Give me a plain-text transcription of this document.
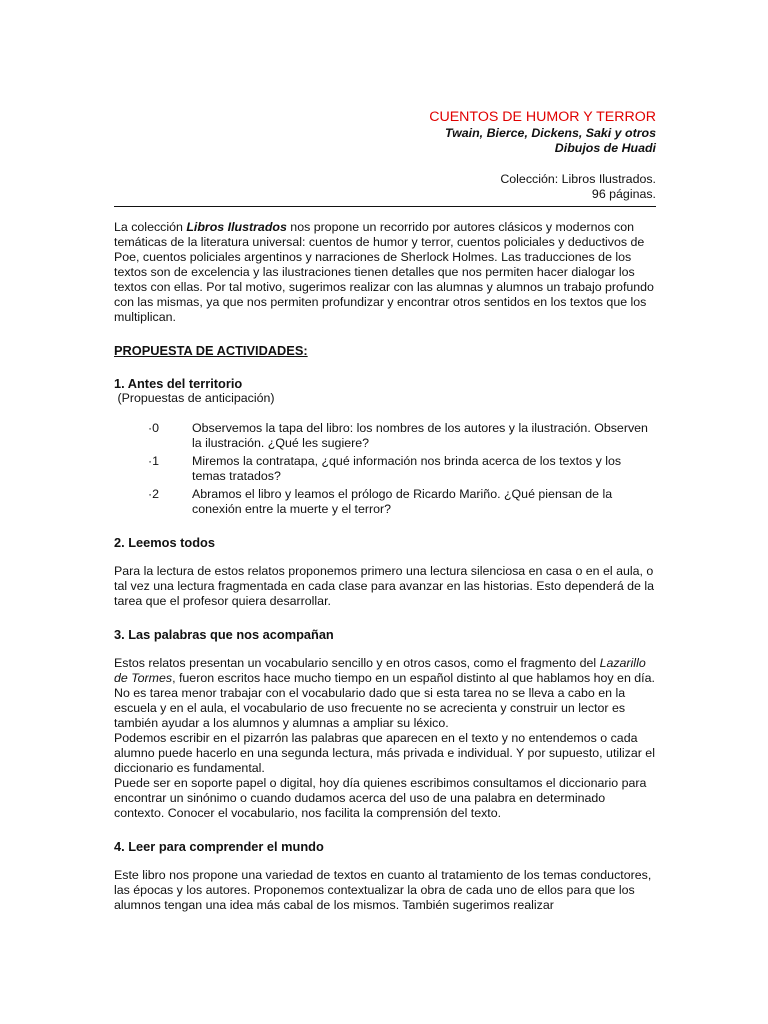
CUENTOS DE HUMOR Y TERROR
Twain, Bierce, Dickens, Saki y otros
Dibujos de Huadi
Colección: Libros Ilustrados.
96 páginas.

La colección Libros Ilustrados nos propone un recorrido por autores clásicos y modernos con temáticas de la literatura universal: cuentos de humor y terror, cuentos policiales y deductivos de Poe, cuentos policiales argentinos y narraciones de Sherlock Holmes. Las traducciones de los textos son de excelencia y las ilustraciones tienen detalles que nos permiten hacer dialogar los textos con ellas. Por tal motivo, sugerimos realizar con las alumnas y alumnos un trabajo profundo con las mismas, ya que nos permiten profundizar y encontrar otros sentidos en los textos que los multiplican.

PROPUESTA DE ACTIVIDADES:
1. Antes del territorio
(Propuestas de anticipación)
·0	Observemos la tapa del libro: los nombres de los autores y la ilustración. Observen la ilustración. ¿Qué les sugiere?
·1	Miremos la contratapa, ¿qué información nos brinda acerca de los textos y los temas tratados?
·2	Abramos el libro y leamos el prólogo de Ricardo Mariño. ¿Qué piensan de la conexión entre la muerte y el terror?
2. Leemos todos

Para la lectura de estos relatos proponemos primero una lectura silenciosa en casa o en el aula, o tal vez una lectura fragmentada en cada clase para avanzar en las historias. Esto dependerá de la tarea que el profesor quiera desarrollar.

3. Las palabras que nos acompañan

Estos relatos presentan un vocabulario sencillo y en otros casos, como el fragmento del Lazarillo de Tormes, fueron escritos hace mucho tiempo en un español distinto al que hablamos hoy en día.

No es tarea menor trabajar con el vocabulario dado que si esta tarea no se lleva a cabo en la escuela y en el aula, el vocabulario de uso frecuente no se acrecienta y construir un lector es también ayudar a los alumnos y alumnas a ampliar su léxico.

Podemos escribir en el pizarrón las palabras que aparecen en el texto y no entendemos o cada alumno puede hacerlo en una segunda lectura, más privada e individual. Y por supuesto, utilizar el diccionario es fundamental.

Puede ser en soporte papel o digital, hoy día quienes escribimos consultamos el diccionario para encontrar un sinónimo o cuando dudamos acerca del uso de una palabra en determinado contexto. Conocer el vocabulario, nos facilita la comprensión del texto.

4. Leer para comprender el mundo

Este libro nos propone una variedad de textos en cuanto al tratamiento de los temas conductores, las épocas y los autores. Proponemos contextualizar la obra de cada uno de ellos para que los alumnos tengan una idea más cabal de los mismos. También sugerimos realizar
